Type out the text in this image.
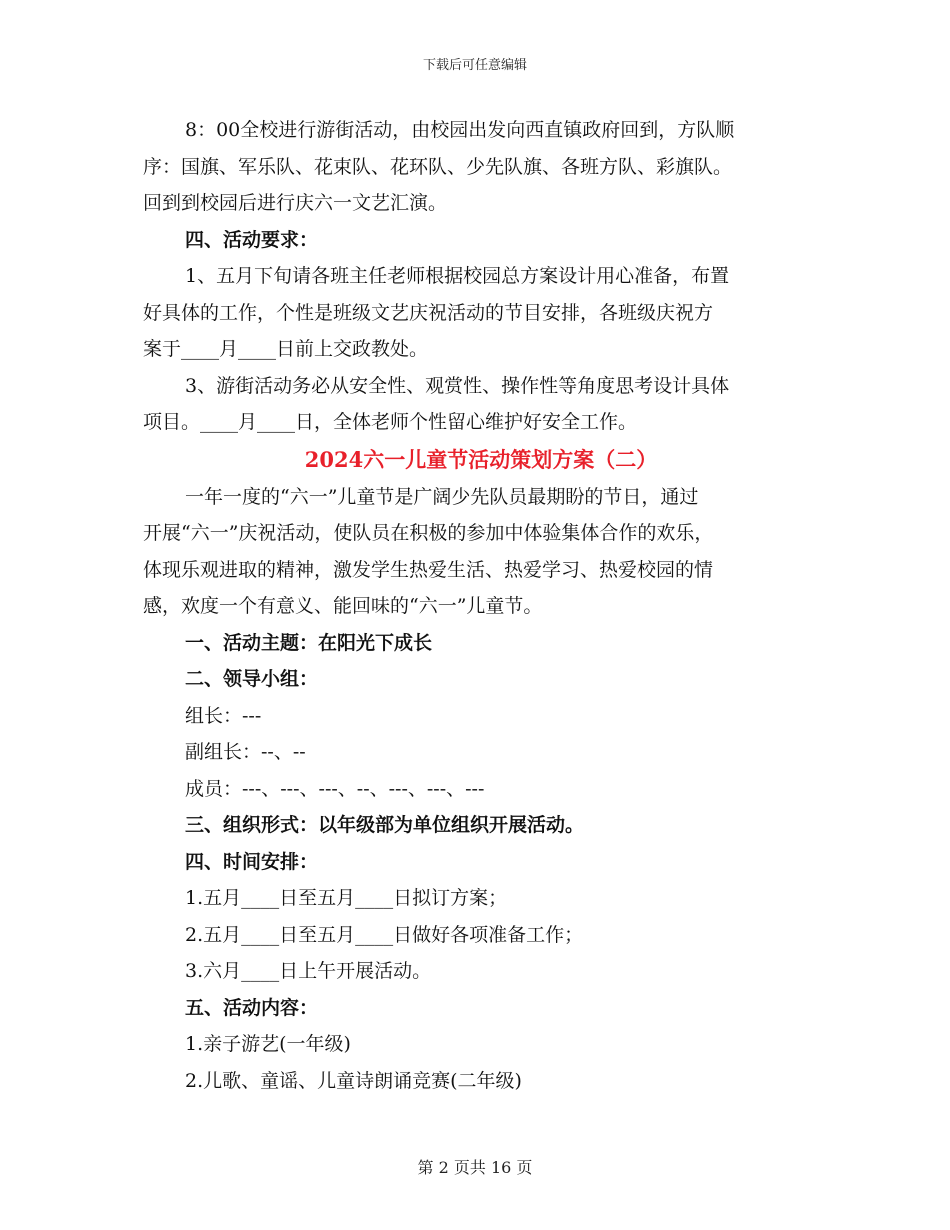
下载后可任意编辑
8：00全校进行游街活动，由校园出发向西直镇政府回到，方队顺
序：国旗、军乐队、花束队、花环队、少先队旗、各班方队、彩旗队。
回到到校园后进行庆六一文艺汇演。
四、活动要求：
1、五月下旬请各班主任老师根据校园总方案设计用心准备，布置
好具体的工作，个性是班级文艺庆祝活动的节目安排，各班级庆祝方
案于____月____日前上交政教处。
3、游街活动务必从安全性、观赏性、操作性等角度思考设计具体
项目。____月____日，全体老师个性留心维护好安全工作。
2024六一儿童节活动策划方案（二）
一年一度的“六一”儿童节是广阔少先队员最期盼的节日，通过
开展“六一”庆祝活动，使队员在积极的参加中体验集体合作的欢乐，
体现乐观进取的精神，激发学生热爱生活、热爱学习、热爱校园的情
感，欢度一个有意义、能回味的“六一”儿童节。
一、活动主题：在阳光下成长
二、领导小组：
组长：---
副组长：--、--
成员：---、---、---、--、---、---、---
三、组织形式：以年级部为单位组织开展活动。
四、时间安排：
1.五月____日至五月____日拟订方案；
2.五月____日至五月____日做好各项准备工作；
3.六月____日上午开展活动。
五、活动内容：
1.亲子游艺(一年级)
2.儿歌、童谣、儿童诗朗诵竞赛(二年级)
第 2 页共 16 页
